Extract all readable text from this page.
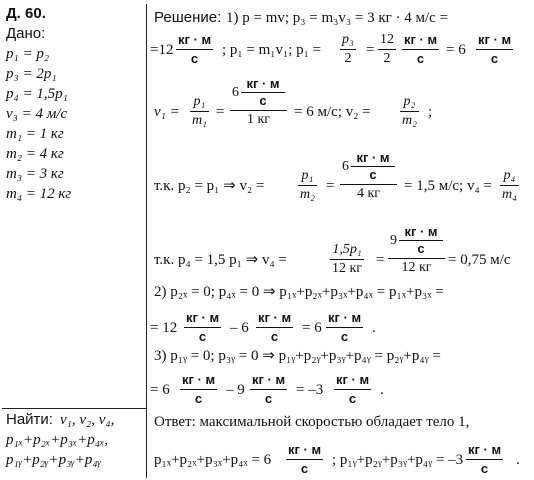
Д. 60.
Дано:
p₁ = p₂
p₃ = 2p₁
p₄ = 1,5p₁
v₃ = 4 м/с
m₁ = 1 кг
m₂ = 4 кг
m₃ = 3 кг
m₄ = 12 кг
Найти: v₁, v₂, v₄,
p₁ₓ+p₂ₓ+p₃ₓ+p₄ₓ,
p₁ᵧ+p₂ᵧ+p₃ᵧ+p₄ᵧ
Решение: 1) p = mv; p₃ = m₃v₃ = 3 кг · 4 м/с =
=12
кг · м
с
; p₁ = m₁v₁; p₁ =
p₃
2
=
12
2
кг · м
с
= 6
кг · м
с
v₁ =
p₁
m₁
=
6
кг · м
с
1 кг = 6 м/с; v₂ =
p₂
m₂
;
т.к. p₂ = p₁ ⇒ v₂ =
p₁
m₂
=
6
кг · м
с
4 кг = 1,5 м/с; v₄ =
p₄
m₄
т.к. p₄ = 1,5 p₁ ⇒ v₄ =
1,5p₁
12 кг
=
9
кг · м
с
12 кг = 0,75 м/с
2) p₂ₓ = 0; p₄ₓ = 0 ⇒ p₁ₓ+p₂ₓ+p₃ₓ+p₄ₓ = p₁ₓ+p₃ₓ =
= 12
кг · м
с
– 6
кг · м
с
= 6
кг · м
с
.
3) p₁ᵧ = 0; p₃ᵧ = 0 ⇒ p₁ᵧ+p₂ᵧ+p₃ᵧ+p₄ᵧ = p₂ᵧ+p₄ᵧ =
= 6
кг · м
с
– 9
кг · м
с
= –3
кг · м
с
.
Ответ: максимальной скоростью обладает тело 1,
p₁ₓ+p₂ₓ+p₃ₓ+p₄ₓ = 6
кг · м
с
; p₁ᵧ+p₂ᵧ+p₃ᵧ+p₄ᵧ = –3
кг · м
с
.
